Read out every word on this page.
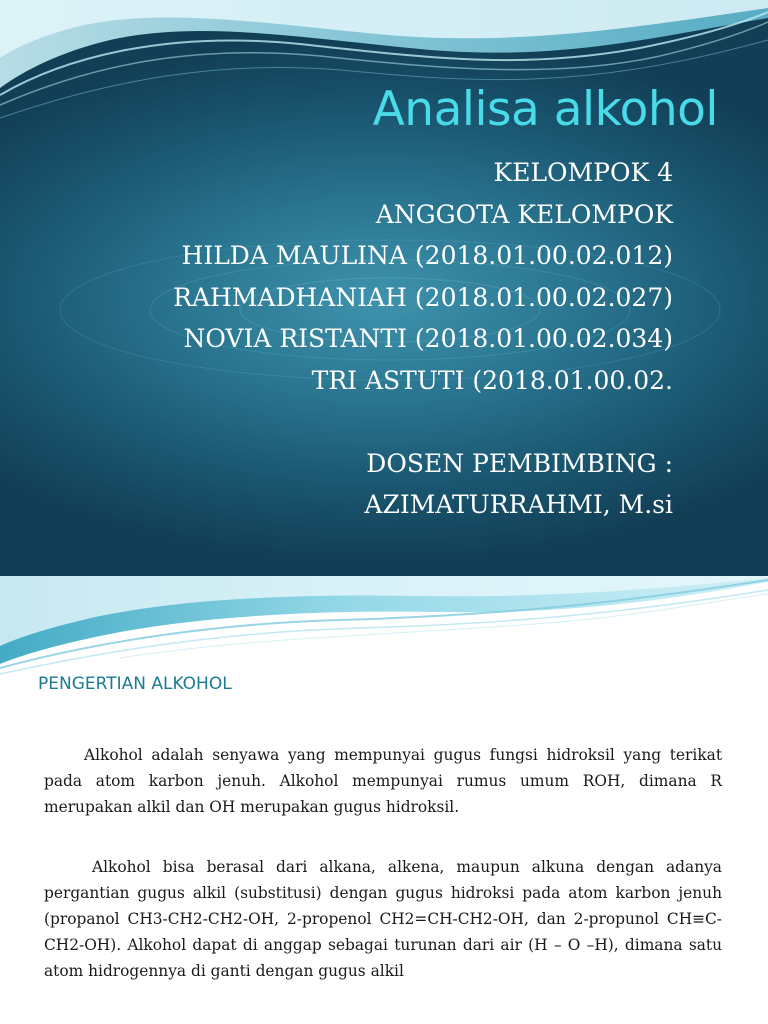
Analisa alkohol
KELOMPOK 4
ANGGOTA KELOMPOK
HILDA MAULINA (2018.01.00.02.012)
RAHMADHANIAH (2018.01.00.02.027)
NOVIA RISTANTI (2018.01.00.02.034)
TRI ASTUTI (2018.01.00.02.
DOSEN PEMBIMBING :
AZIMATURRAHMI, M.si
PENGERTIAN ALKOHOL

Alkohol adalah senyawa yang mempunyai gugus fungsi hidroksil yang terikat pada atom karbon jenuh. Alkohol mempunyai rumus umum ROH, dimana R merupakan alkil dan OH merupakan gugus hidroksil.

Alkohol bisa berasal dari alkana, alkena, maupun alkuna dengan adanya pergantian gugus alkil (substitusi) dengan gugus hidroksi pada atom karbon jenuh (propanol CH3-CH2-CH2-OH, 2-propenol CH2=CH-CH2-OH, dan 2-propunol CH≡C-CH2-OH). Alkohol dapat di anggap sebagai turunan dari air (H – O –H), dimana satu atom hidrogennya di ganti dengan gugus alkil
